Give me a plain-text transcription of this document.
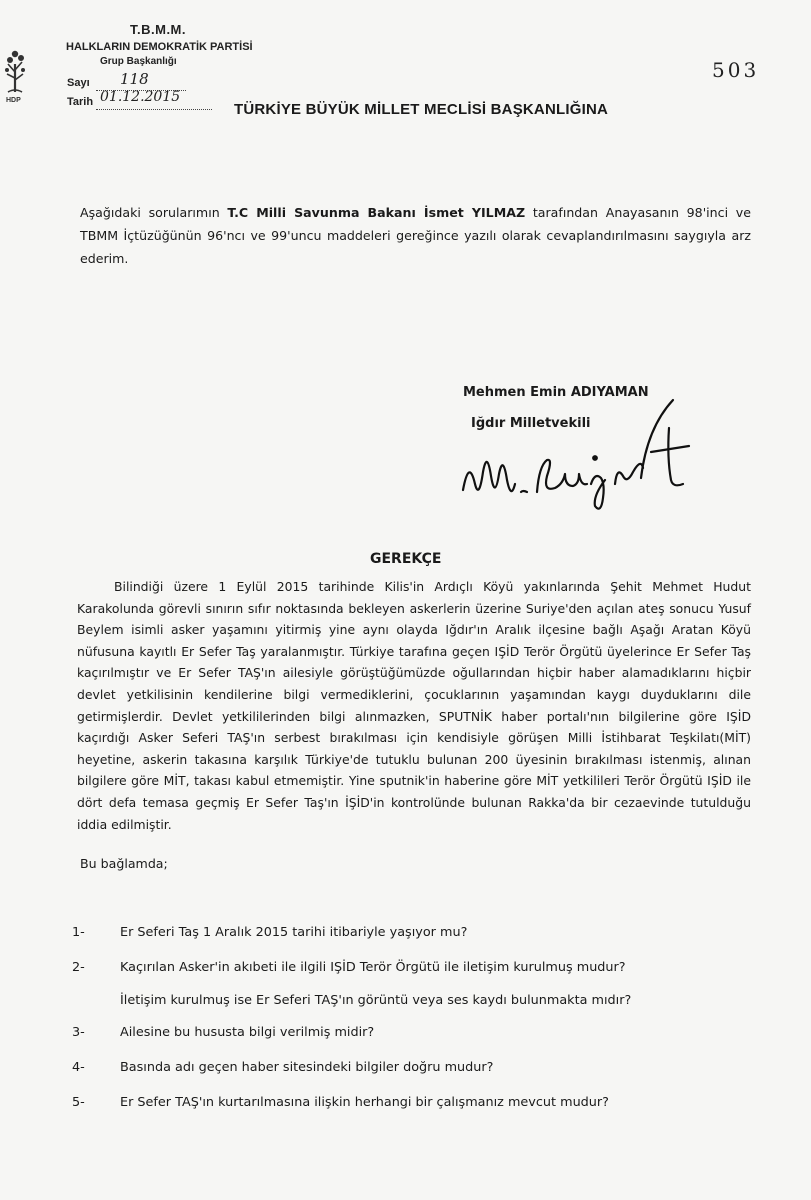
HDP
T.B.M.M.
HALKLARIN DEMOKRATİK PARTİSİ
Grup Başkanlığı
Sayı 118
Tarih 01.12.2015
503
TÜRKİYE BÜYÜK MİLLET MECLİSİ BAŞKANLIĞINA

Aşağıdaki sorularımın T.C Milli Savunma Bakanı İsmet YILMAZ tarafından Anayasanın 98'inci ve TBMM İçtüzüğünün 96'ncı ve 99'uncu maddeleri gereğince yazılı olarak cevaplandırılmasını saygıyla arz ederim.

Mehmen Emin ADIYAMAN
Iğdır Milletvekili
GEREKÇE

Bilindiği üzere 1 Eylül 2015 tarihinde Kilis'in Ardıçlı Köyü yakınlarında Şehit Mehmet Hudut Karakolunda görevli sınırın sıfır noktasında bekleyen askerlerin üzerine Suriye'den açılan ateş sonucu Yusuf Beylem isimli asker yaşamını yitirmiş yine aynı olayda Iğdır'ın Aralık ilçesine bağlı Aşağı Aratan Köyü nüfusuna kayıtlı Er Sefer Taş yaralanmıştır. Türkiye tarafına geçen IŞİD Terör Örgütü üyelerince Er Sefer Taş kaçırılmıştır ve Er Sefer TAŞ'ın ailesiyle görüştüğümüzde oğullarından hiçbir haber alamadıklarını hiçbir devlet yetkilisinin kendilerine bilgi vermediklerini, çocuklarının yaşamından kaygı duyduklarını dile getirmişlerdir. Devlet yetkililerinden bilgi alınmazken, SPUTNİK haber portalı'nın bilgilerine göre IŞİD kaçırdığı Asker Seferi TAŞ'ın serbest bırakılması için kendisiyle görüşen Milli İstihbarat Teşkilatı(MİT) heyetine, askerin takasına karşılık Türkiye'de tutuklu bulunan 200 üyesinin bırakılması istenmiş, alınan bilgilere göre MİT, takası kabul etmemiştir. Yine sputnik'in haberine göre MİT yetkilileri Terör Örgütü IŞİD ile dört defa temasa geçmiş Er Sefer Taş'ın İŞİD'in kontrolünde bulunan Rakka'da bir cezaevinde tutulduğu iddia edilmiştir.

Bu bağlamda;
1-	Er Seferi Taş 1 Aralık 2015 tarihi itibariyle yaşıyor mu?
2-	Kaçırılan Asker'in akıbeti ile ilgili IŞİD Terör Örgütü ile iletişim kurulmuş mudur?
İletişim kurulmuş ise Er Seferi TAŞ'ın görüntü veya ses kaydı bulunmakta mıdır?
3-	Ailesine bu hususta bilgi verilmiş midir?
4-	Basında adı geçen haber sitesindeki bilgiler doğru mudur?
5-	Er Sefer TAŞ'ın kurtarılmasına ilişkin herhangi bir çalışmanız mevcut mudur?
